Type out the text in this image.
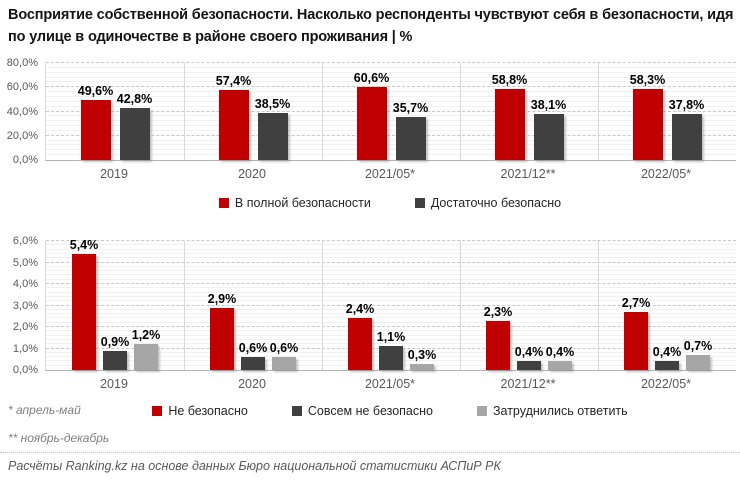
Восприятие собственной безопасности. Насколько респонденты чувствуют себя в безопасности, идя по улице в одиночестве в районе своего проживания | %
0,0%
20,0%
40,0%
60,0%
80,0%
49,6%
42,8%
57,4%
38,5%
60,6%
35,7%
58,8%
38,1%
58,3%
37,8%
2019	2020	2021/05*	2021/12**	2022/05*
В полной безопасности	Достаточно безопасно
0,0%
1,0%
2,0%
3,0%
4,0%
5,0%
6,0%	5,4%
0,9% 1,2%
2,9%
0,6% 0,6%
2,4%
1,1%
0,3%
2,3%
0,4% 0,4%
2,7%
0,4% 0,7%
2019	2020	2021/05*	2021/12**	2022/05*
Не безопасно	Совсем не безопасно	Затруднились ответить
* апрель-май
** ноябрь-декабрь
Расчёты Ranking.kz на основе данных Бюро национальной статистики АСПиР РК
